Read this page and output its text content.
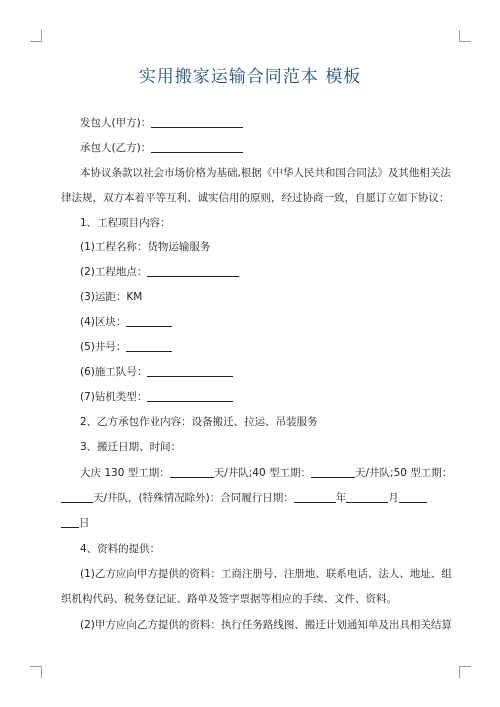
实用搬家运输合同范本 模板
发包人(甲方)：
承包人(乙方)：
本协议条款以社会市场价格为基础,根据《中华人民共和国合同法》及其他相关法
律法规，双方本着平等互利、诚实信用的原则，经过协商一致，自愿订立如下协议：
1、工程项目内容：
(1)工程名称：货物运输服务
(2)工程地点：
(3)运距：KM
(4)区块：
(5)井号：
(6)施工队号：
(7)钻机类型：
2、乙方承包作业内容：设备搬迁、拉运、吊装服务
3、搬迁日期、时间：
大庆 130 型工期：	天/井队;40 型工期：	天/井队;50 型工期：
天/井队，(特殊情况除外)：合同履行日期：	年	月
日
4、资料的提供：
(1)乙方应向甲方提供的资料：工商注册号、注册地、联系电话、法人、地址、组
织机构代码、税务登记证、路单及签字票据等相应的手续、文件、资料。
(2)甲方应向乙方提供的资料：执行任务路线图、搬迁计划通知单及出具相关结算
